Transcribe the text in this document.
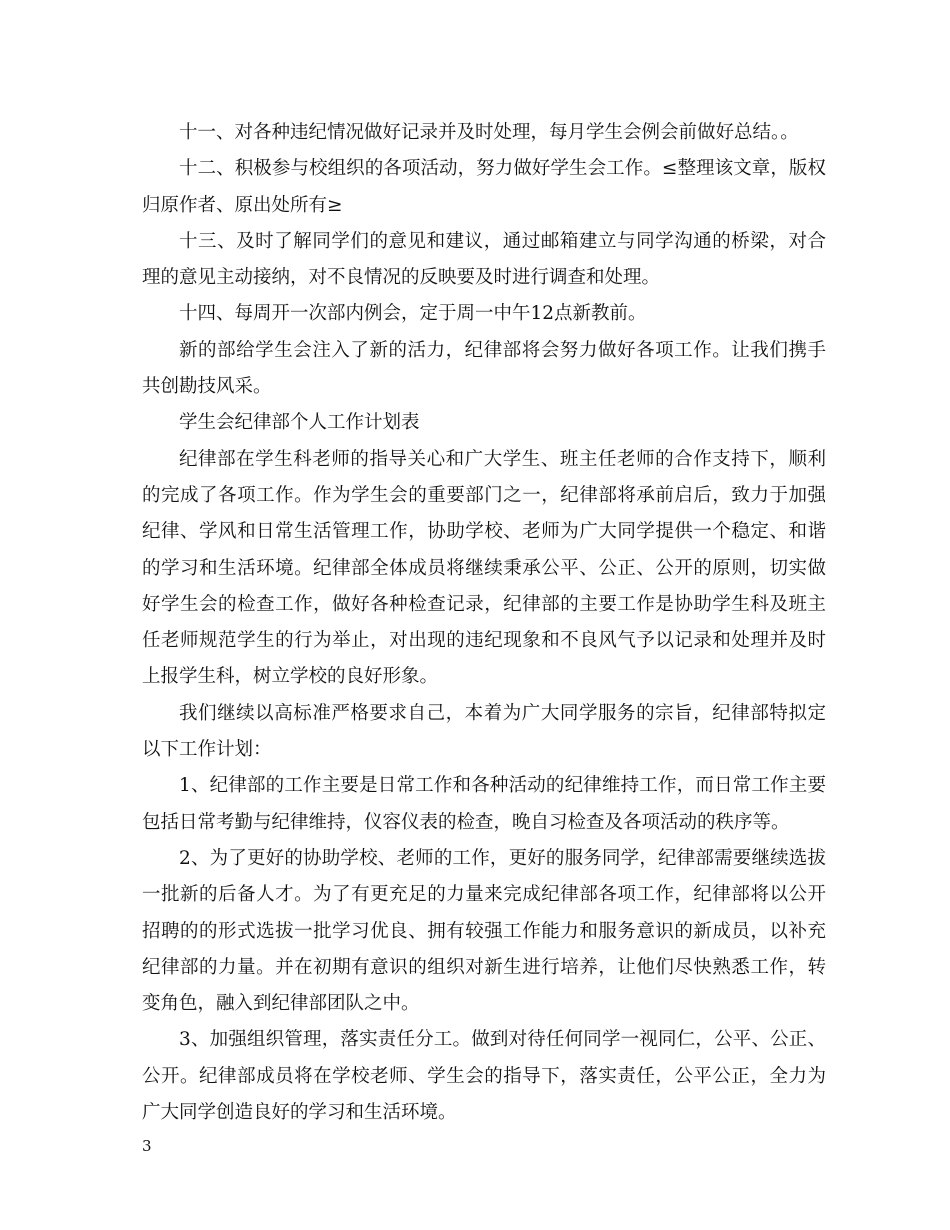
十一、对各种违纪情况做好记录并及时处理，每月学生会例会前做好总结。。

十二、积极参与校组织的各项活动，努力做好学生会工作。≤整理该文章，版权归原作者、原出处所有≥

十三、及时了解同学们的意见和建议，通过邮箱建立与同学沟通的桥梁，对合理的意见主动接纳，对不良情况的反映要及时进行调查和处理。

十四、每周开一次部内例会，定于周一中午12点新教前。

新的部给学生会注入了新的活力，纪律部将会努力做好各项工作。让我们携手共创勘技风采。

学生会纪律部个人工作计划表

纪律部在学生科老师的指导关心和广大学生、班主任老师的合作支持下，顺利的完成了各项工作。作为学生会的重要部门之一，纪律部将承前启后，致力于加强纪律、学风和日常生活管理工作，协助学校、老师为广大同学提供一个稳定、和谐的学习和生活环境。纪律部全体成员将继续秉承公平、公正、公开的原则，切实做好学生会的检查工作，做好各种检查记录，纪律部的主要工作是协助学生科及班主任老师规范学生的行为举止，对出现的违纪现象和不良风气予以记录和处理并及时上报学生科，树立学校的良好形象。

我们继续以高标准严格要求自己，本着为广大同学服务的宗旨，纪律部特拟定以下工作计划：

1、纪律部的工作主要是日常工作和各种活动的纪律维持工作，而日常工作主要包括日常考勤与纪律维持，仪容仪表的检查，晚自习检查及各项活动的秩序等。

2、为了更好的协助学校、老师的工作，更好的服务同学，纪律部需要继续选拔一批新的后备人才。为了有更充足的力量来完成纪律部各项工作，纪律部将以公开招聘的的形式选拔一批学习优良、拥有较强工作能力和服务意识的新成员，以补充纪律部的力量。并在初期有意识的组织对新生进行培养，让他们尽快熟悉工作，转变角色，融入到纪律部团队之中。

3、加强组织管理，落实责任分工。做到对待任何同学一视同仁，公平、公正、公开。纪律部成员将在学校老师、学生会的指导下，落实责任，公平公正，全力为广大同学创造良好的学习和生活环境。

3
